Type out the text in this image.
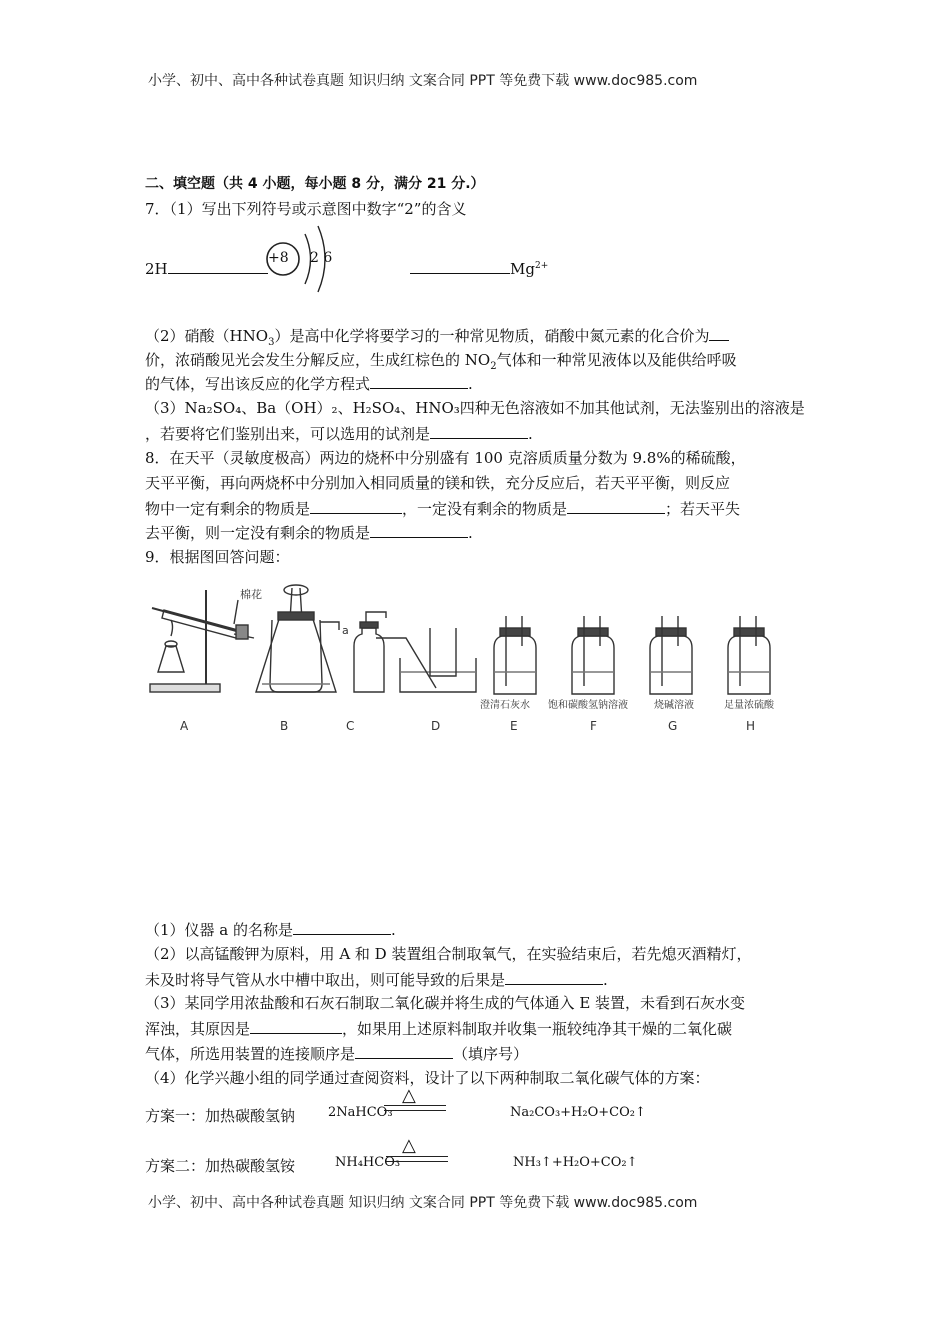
小学、初中、高中各种试卷真题 知识归纳 文案合同 PPT 等免费下载 www.doc985.com
小学、初中、高中各种试卷真题 知识归纳 文案合同 PPT 等免费下载 www.doc985.com
二、填空题（共 4 小题，每小题 8 分，满分 21 分.）
7．（1）写出下列符号或示意图中数字“2”的含义
2H
+8 2 6
$Mg^{2+}$
（2）硝酸$(HNO_3)$是高中化学将要学习的一种常见物质，硝酸中氮元素的化合价为
价，浓硝酸见光会发生分解反应，生成红棕色的 $NO_2$气体和一种常见液体以及能供给呼吸
的气体，写出该反应的化学方程式	.
（3）Na₂SO₄、Ba（OH）₂、H₂SO₄、HNO₃四种无色溶液如不加其他试剂，无法鉴别出的溶液是
，若要将它们鉴别出来，可以选用的试剂是	.
8．在天平（灵敏度极高）两边的烧杯中分别盛有 100 克溶质质量分数为 9.8%的稀硫酸，
天平平衡，再向两烧杯中分别加入相同质量的镁和铁，充分反应后，若天平平衡，则反应
物中一定有剩余的物质是	，一定没有剩余的物质是	；若天平失
去平衡，则一定没有剩余的物质是	.
9．根据图回答问题：
棉花
a
澄清石灰水 饱和碳酸氢钠溶液	烧碱溶液	足量浓硫酸
A	B	C	D	E	F	G	H
（1）仪器 a 的名称是	.
（2）以高锰酸钾为原料，用 A 和 D 装置组合制取氧气，在实验结束后，若先熄灭酒精灯，
未及时将导气管从水中槽中取出，则可能导致的后果是	.
（3）某同学用浓盐酸和石灰石制取二氧化碳并将生成的气体通入 E 装置，未看到石灰水变
浑浊，其原因是	，如果用上述原料制取并收集一瓶较纯净其干燥的二氧化碳
气体，所选用装置的连接顺序是	（填序号）
（4）化学兴趣小组的同学通过查阅资料，设计了以下两种制取二氧化碳气体的方案：
方案一：加热碳酸氢钠	2NaHCO₃
△
Na₂CO₃+H₂O+CO₂↑
方案二：加热碳酸氢铵	NH₄HCO₃
△
NH₃↑+H₂O+CO₂↑
